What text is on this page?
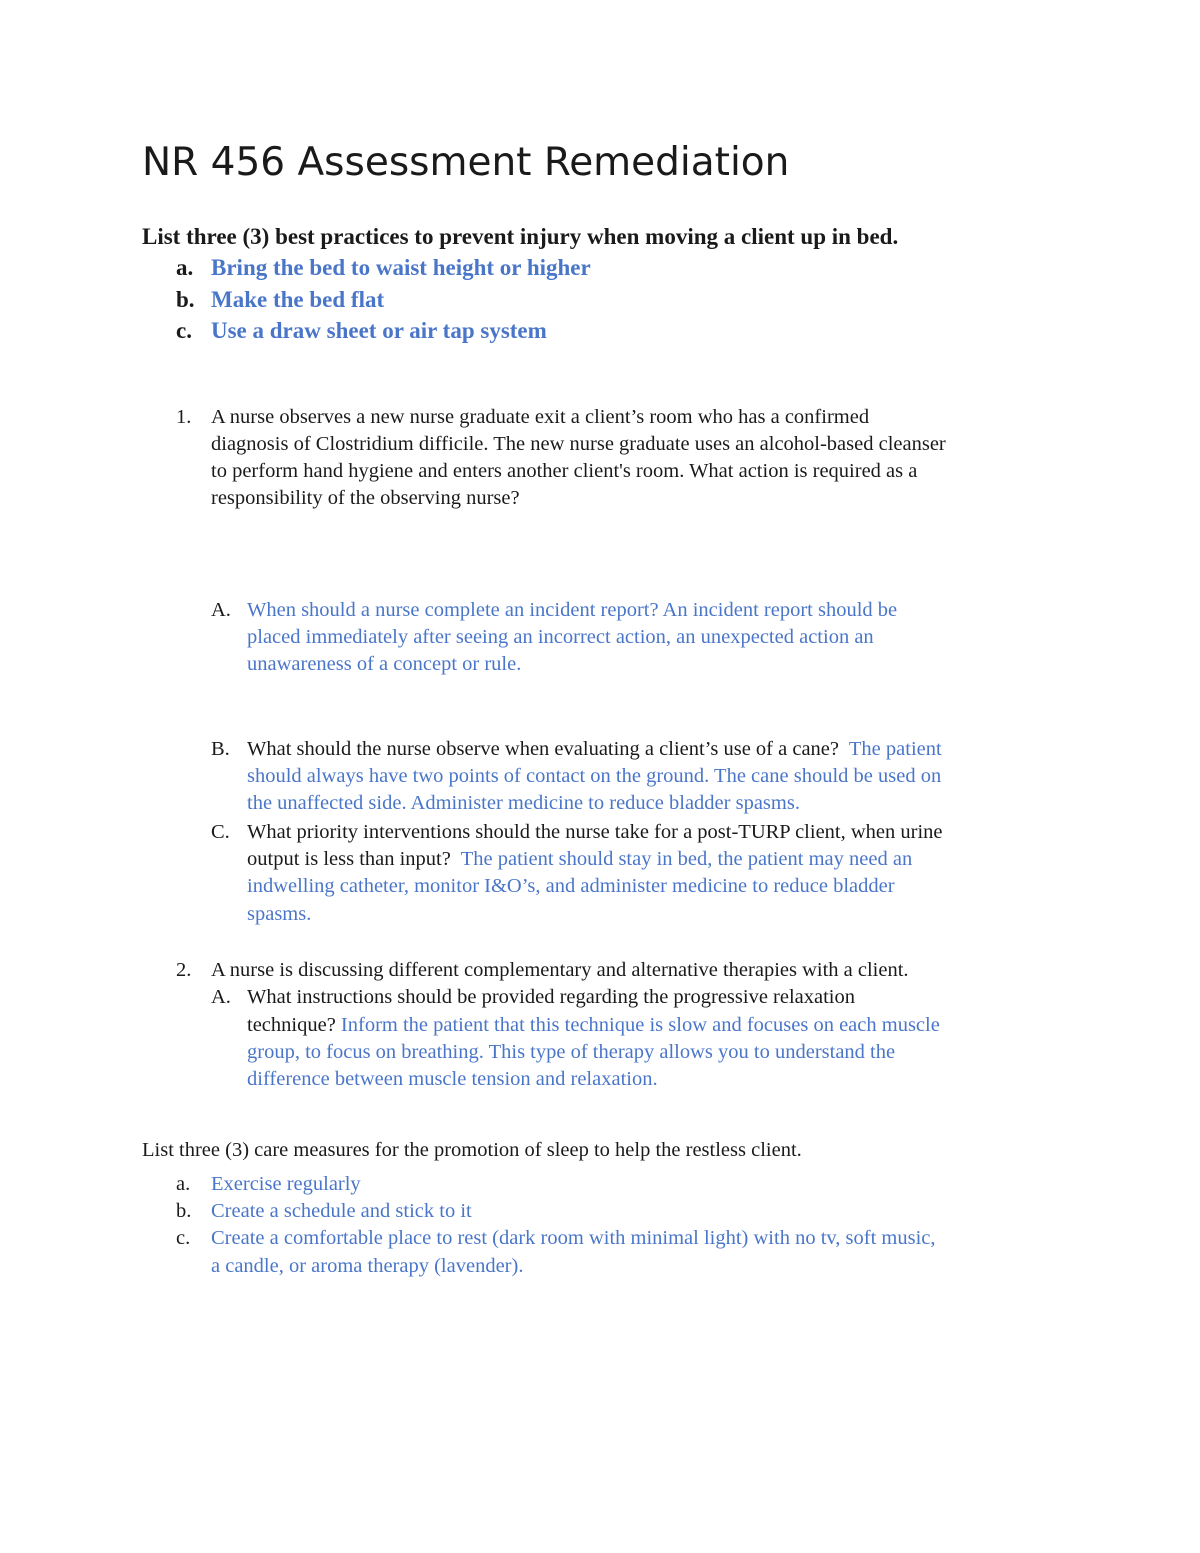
NR 456 Assessment Remediation
List three (3) best practices to prevent injury when moving a client up in bed.
a. Bring the bed to waist height or higher
b. Make the bed flat
c. Use a draw sheet or air tap system
1. A nurse observes a new nurse graduate exit a client’s room who has a confirmed
diagnosis of Clostridium difficile. The new nurse graduate uses an alcohol-based cleanser
to perform hand hygiene and enters another client's room. What action is required as a
responsibility of the observing nurse?
A. When should a nurse complete an incident report? An incident report should be
placed immediately after seeing an incorrect action, an unexpected action an
unawareness of a concept or rule.
B. What should the nurse observe when evaluating a client’s use of a cane? The patient
should always have two points of contact on the ground. The cane should be used on
the unaffected side. Administer medicine to reduce bladder spasms.
C. What priority interventions should the nurse take for a post-TURP client, when urine
output is less than input? The patient should stay in bed, the patient may need an
indwelling catheter, monitor I&O’s, and administer medicine to reduce bladder
spasms.
2. A nurse is discussing different complementary and alternative therapies with a client.
A. What instructions should be provided regarding the progressive relaxation
technique? Inform the patient that this technique is slow and focuses on each muscle
group, to focus on breathing. This type of therapy allows you to understand the
difference between muscle tension and relaxation.
List three (3) care measures for the promotion of sleep to help the restless client.
a. Exercise regularly
b. Create a schedule and stick to it
c. Create a comfortable place to rest (dark room with minimal light) with no tv, soft music,
a candle, or aroma therapy (lavender).
